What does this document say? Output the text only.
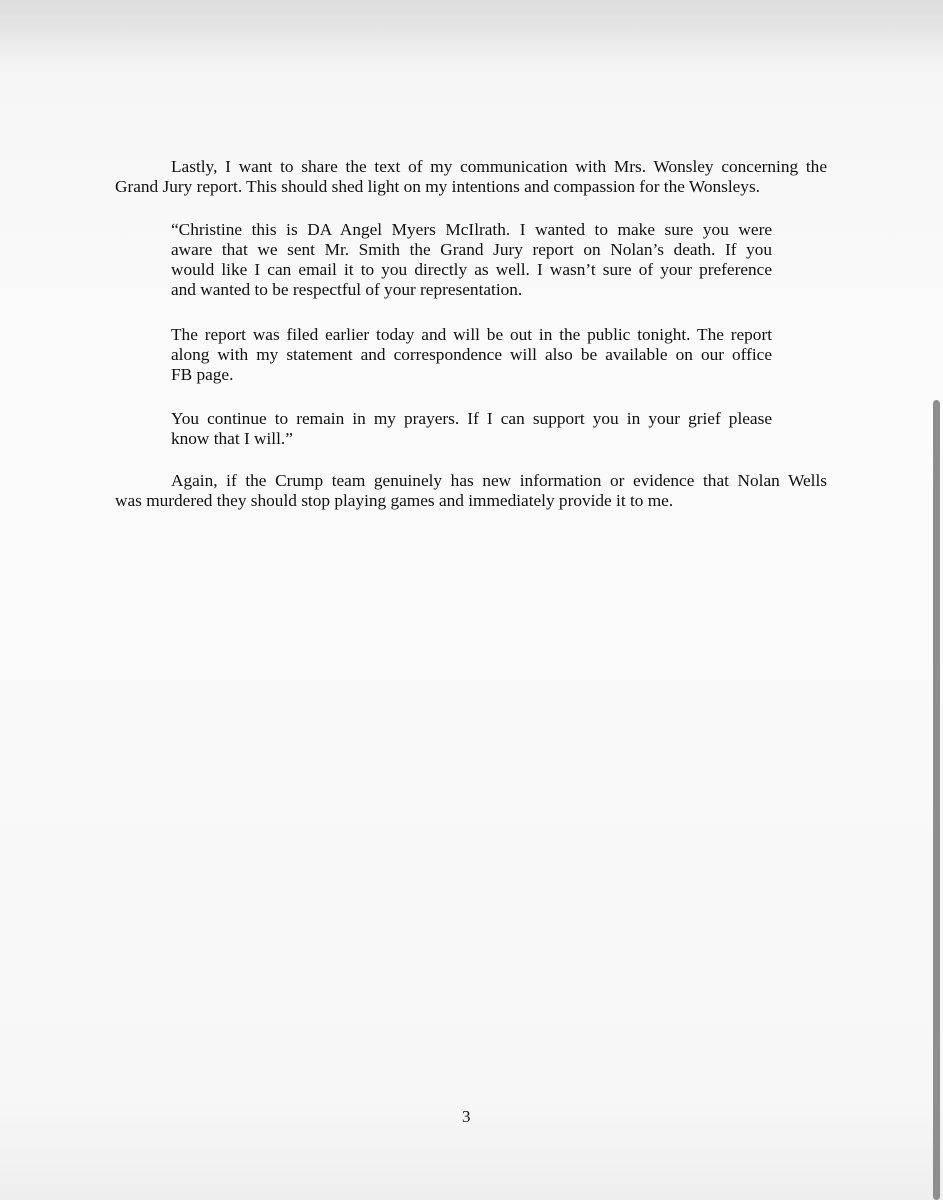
Lastly, I want to share the text of my communication with Mrs. Wonsley concerning the
Grand Jury report. This should shed light on my intentions and compassion for the Wonsleys.

“Christine this is DA Angel Myers McIlrath. I wanted to make sure you were
aware that we sent Mr. Smith the Grand Jury report on Nolan’s death. If you
would like I can email it to you directly as well. I wasn’t sure of your preference
and wanted to be respectful of your representation.

The report was filed earlier today and will be out in the public tonight. The report
along with my statement and correspondence will also be available on our office
FB page.

You continue to remain in my prayers. If I can support you in your grief please
know that I will.”

Again, if the Crump team genuinely has new information or evidence that Nolan Wells
was murdered they should stop playing games and immediately provide it to me.

3
